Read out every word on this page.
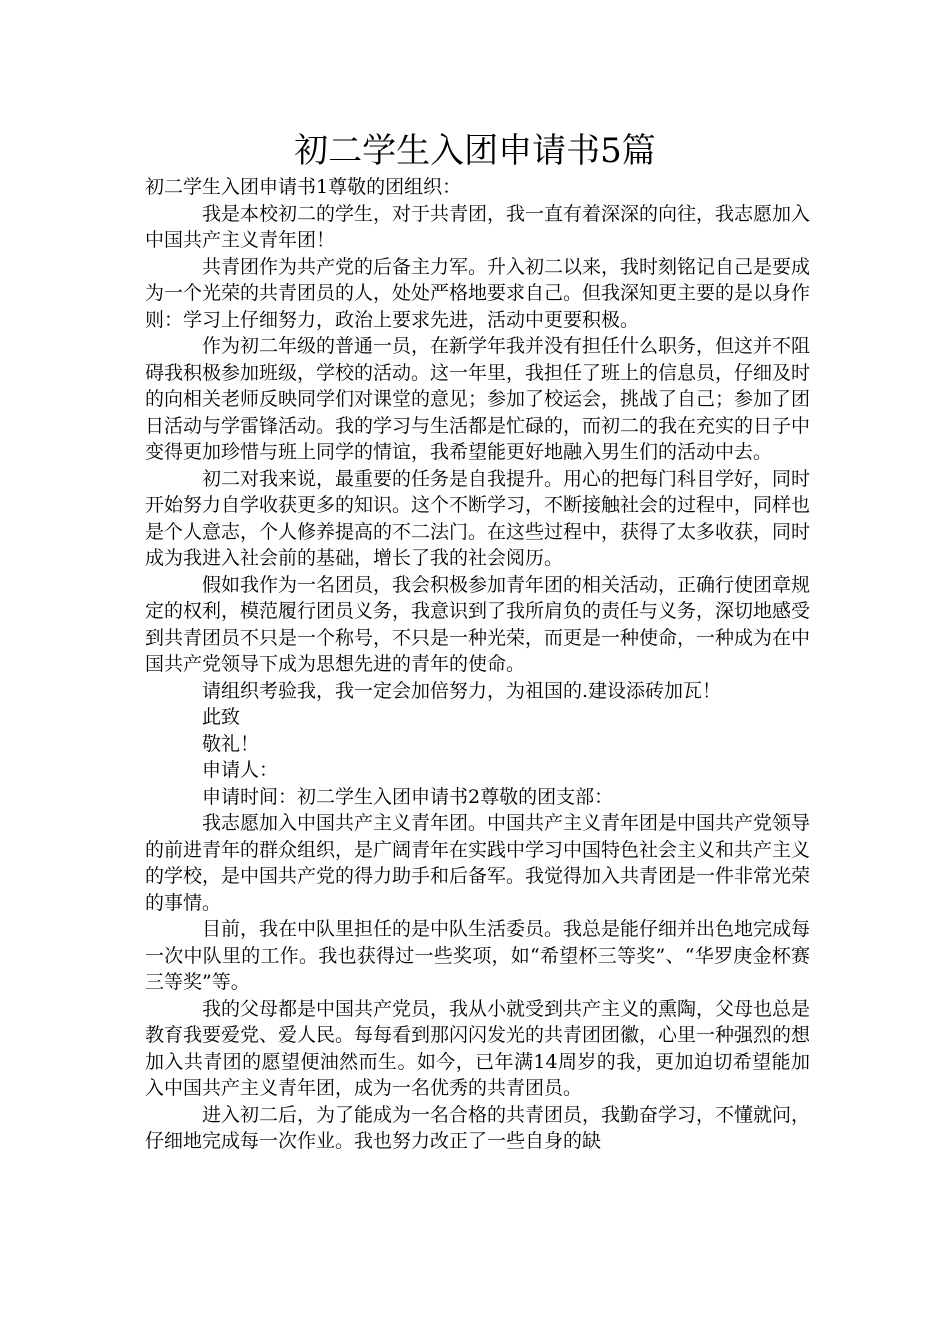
初二学生入团申请书5篇

初二学生入团申请书1尊敬的团组织：

我是本校初二的学生，对于共青团，我一直有着深深的向往，我志愿加入中国共产主义青年团！

共青团作为共产党的后备主力军。升入初二以来，我时刻铭记自己是要成为一个光荣的共青团员的人，处处严格地要求自己。但我深知更主要的是以身作则：学习上仔细努力，政治上要求先进，活动中更要积极。

作为初二年级的普通一员，在新学年我并没有担任什么职务，但这并不阻碍我积极参加班级，学校的活动。这一年里，我担任了班上的信息员，仔细及时的向相关老师反映同学们对课堂的意见；参加了校运会，挑战了自己；参加了团日活动与学雷锋活动。我的学习与生活都是忙碌的，而初二的我在充实的日子中变得更加珍惜与班上同学的情谊，我希望能更好地融入男生们的活动中去。

初二对我来说，最重要的任务是自我提升。用心的把每门科目学好，同时开始努力自学收获更多的知识。这个不断学习，不断接触社会的过程中，同样也是个人意志，个人修养提高的不二法门。在这些过程中，获得了太多收获，同时成为我进入社会前的基础，增长了我的社会阅历。

假如我作为一名团员，我会积极参加青年团的相关活动，正确行使团章规定的权利，模范履行团员义务，我意识到了我所肩负的责任与义务，深切地感受到共青团员不只是一个称号，不只是一种光荣，而更是一种使命，一种成为在中国共产党领导下成为思想先进的青年的使命。

请组织考验我，我一定会加倍努力，为祖国的.建设添砖加瓦！

此致

敬礼！

申请人：

申请时间：初二学生入团申请书2尊敬的团支部：

我志愿加入中国共产主义青年团。中国共产主义青年团是中国共产党领导的前进青年的群众组织，是广阔青年在实践中学习中国特色社会主义和共产主义的学校，是中国共产党的得力助手和后备军。我觉得加入共青团是一件非常光荣的事情。

目前，我在中队里担任的是中队生活委员。我总是能仔细并出色地完成每一次中队里的工作。我也获得过一些奖项，如“希望杯三等奖”、“华罗庚金杯赛三等奖”等。

我的父母都是中国共产党员，我从小就受到共产主义的熏陶，父母也总是教育我要爱党、爱人民。每每看到那闪闪发光的共青团团徽，心里一种强烈的想加入共青团的愿望便油然而生。如今，已年满14周岁的我，更加迫切希望能加入中国共产主义青年团，成为一名优秀的共青团员。

进入初二后，为了能成为一名合格的共青团员，我勤奋学习，不懂就问，仔细地完成每一次作业。我也努力改正了一些自身的缺
